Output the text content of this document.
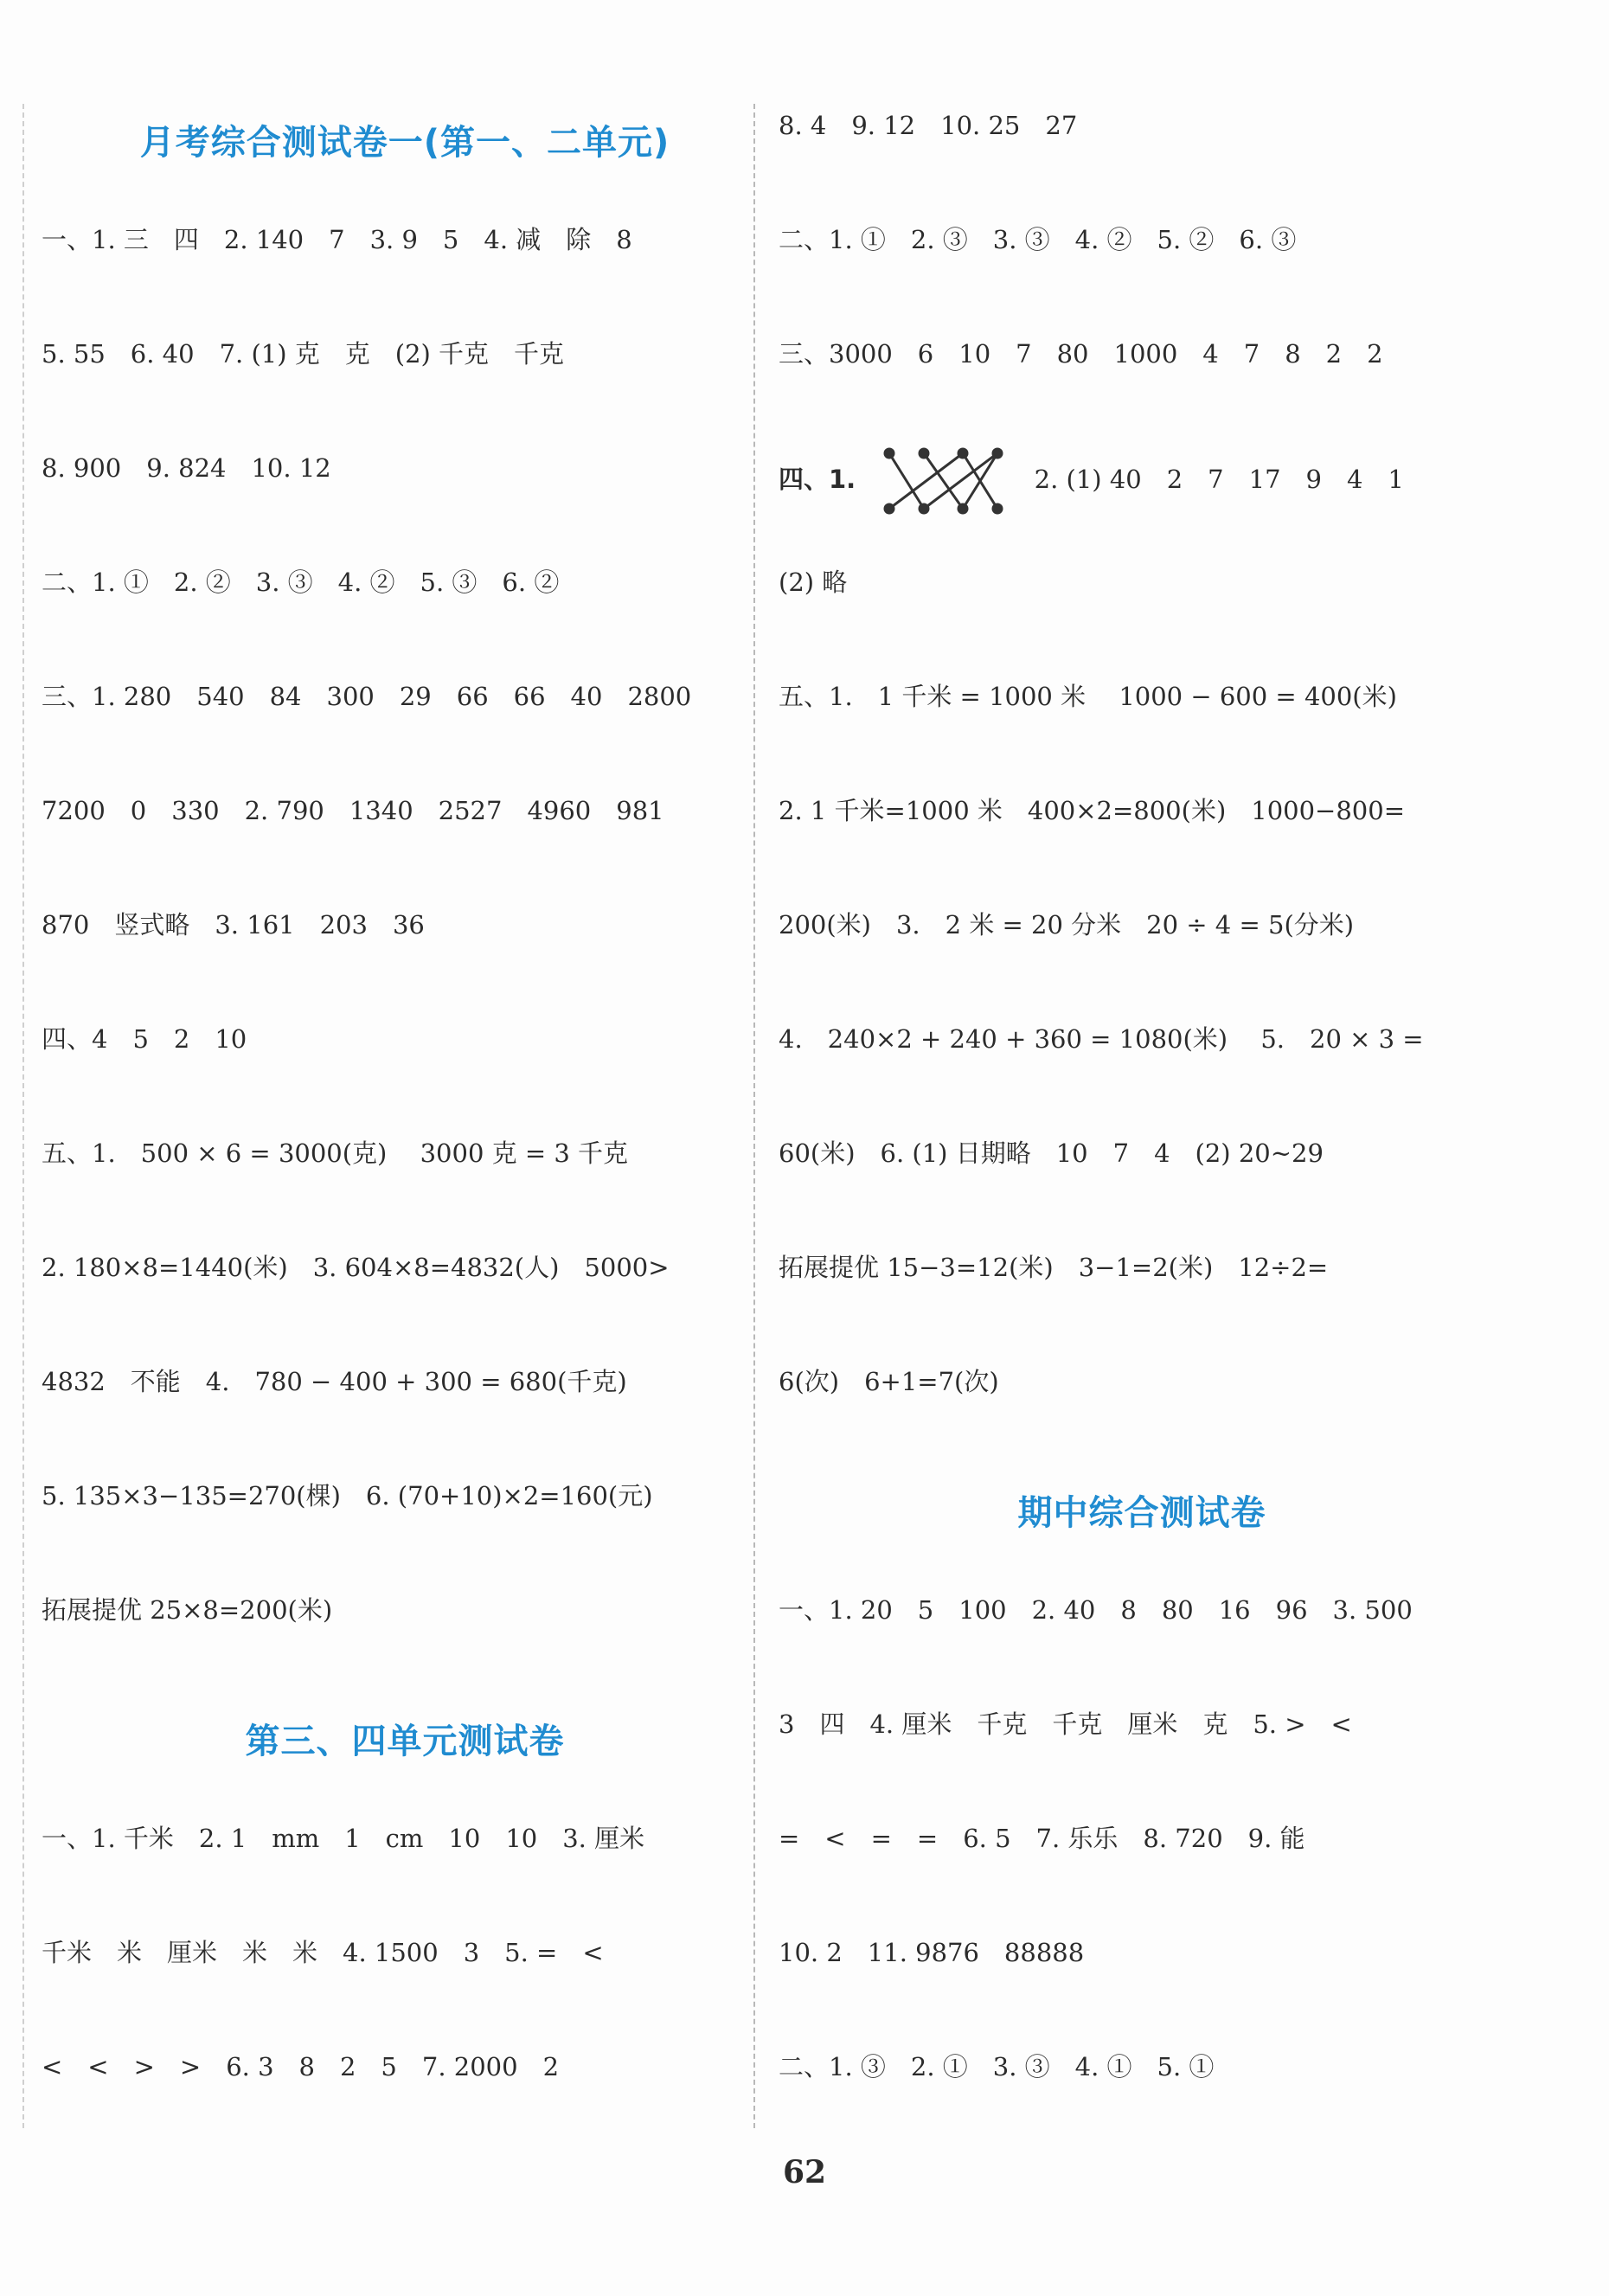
月考综合测试卷一(第一、二单元)
一、1. 三　四　2. 140　7　3. 9　5　4. 减　除　8
5. 55　6. 40　7. (1) 克　克　(2) 千克　千克
8. 900　9. 824　10. 12
二、1. ①　2. ②　3. ③　4. ②　5. ③　6. ②
三、1. 280　540　84　300　29　66　66　40　2800
7200　0　330　2. 790　1340　2527　4960　981
870　竖式略　3. 161　203　36
四、4　5　2　10
五、1.　500 × 6 = 3000(克)　 3000 克 = 3 千克
2. 180×8=1440(米)　3. 604×8=4832(人)　5000>
4832　不能　4.　780 − 400 + 300 = 680(千克)
5. 135×3−135=270(棵)　6. (70+10)×2=160(元)
拓展提优 25×8=200(米)
第三、四单元测试卷
一、1. 千米　2. 1　mm　1　cm　10　10　3. 厘米
千米　米　厘米　米　米　4. 1500　3　5. =　<
<　<　>　>　6. 3　8　2　5　7. 2000　2
8. 4　9. 12　10. 25　27
二、1. ①　2. ③　3. ③　4. ②　5. ②　6. ③
三、3000　6　10　7　80　1000　4　7　8　2　2
四、1.	2. (1) 40　2　7　17　9　4　1
(2) 略
五、1.　1 千米 = 1000 米　 1000 − 600 = 400(米)
2. 1 千米=1000 米　400×2=800(米)　1000−800=
200(米)　3.　2 米 = 20 分米　20 ÷ 4 = 5(分米)
4.　240×2 + 240 + 360 = 1080(米)　 5.　20 × 3 =
60(米)　6. (1) 日期略　10　7　4　(2) 20~29
拓展提优 15−3=12(米)　3−1=2(米)　12÷2=
6(次)　6+1=7(次)
期中综合测试卷
一、1. 20　5　100　2. 40　8　80　16　96　3. 500
3　四　4. 厘米　千克　千克　厘米　克　5. >　<
=　<　=　=　6. 5　7. 乐乐　8. 720　9. 能
10. 2　11. 9876　88888
二、1. ③　2. ①　3. ③　4. ①　5. ①
62
